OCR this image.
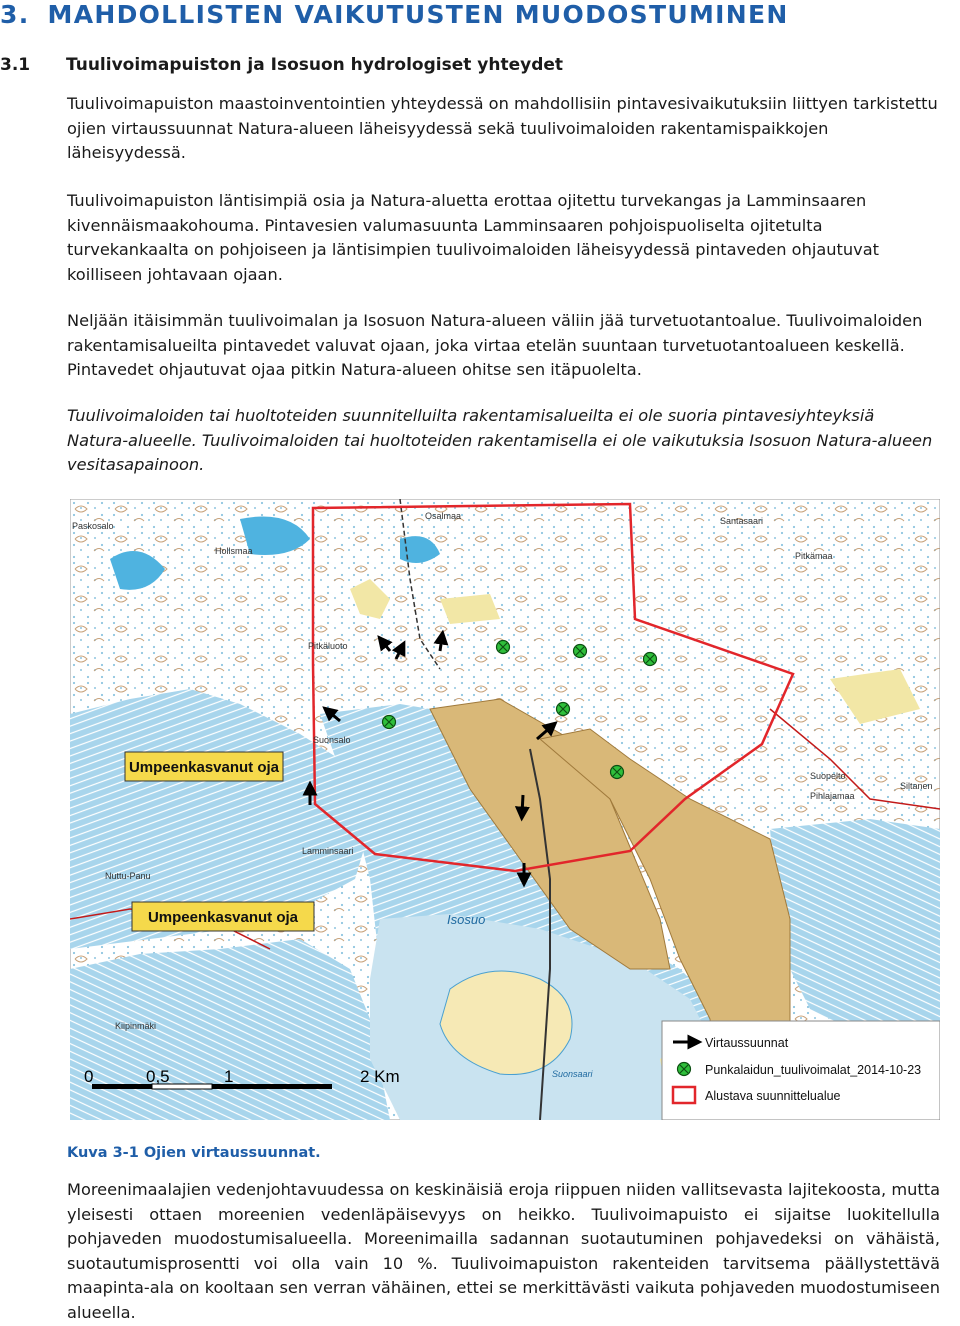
3. MAHDOLLISTEN VAIKUTUSTEN MUODOSTUMINEN
3.1 Tuulivoimapuiston ja Isosuon hydrologiset yhteydet

Tuulivoimapuiston maastoinventointien yhteydessä on mahdollisiin pintavesivaikutuksiin liittyen tarkistettu ojien virtaussuunnat Natura-alueen läheisyydessä sekä tuulivoimaloiden rakentamispaikkojen läheisyydessä.

Tuulivoimapuiston läntisimpiä osia ja Natura-aluetta erottaa ojitettu turvekangas ja Lamminsaaren kivennäismaakohouma. Pintavesien valumasuunta Lamminsaaren pohjoispuoliselta ojitetulta turvekankaalta on pohjoiseen ja läntisimpien tuulivoimaloiden läheisyydessä pintaveden ohjautuvat koilliseen johtavaan ojaan.

Neljään itäisimmän tuulivoimalan ja Isosuon Natura-alueen väliin jää turvetuotantoalue. Tuulivoimaloiden rakentamisalueilta pintavedet valuvat ojaan, joka virtaa etelän suuntaan turvetuotantoalueen keskellä. Pintavedet ohjautuvat ojaa pitkin Natura-alueen ohitse sen itäpuolelta.

Tuulivoimaloiden tai huoltoteiden suunnitelluilta rakentamisalueilta ei ole suoria pintavesiyhteyksiä Natura-alueelle. Tuulivoimaloiden tai huoltoteiden rakentamisella ei ole vaikutuksia Isosuon Natura-alueen vesitasapainoon.

Isosuo
Lamminsaari
Suonsalo
Suopelto
Pihlajamaa
Santasaari
Pitkämaa
Siltanen
Pitkäluoto
Suonsaari
Kiipinmäki
Nuttu-Panu
Paskosalo
Hollsmaa
Osalmaa
Umpeenkasvanut oja
Umpeenkasvanut oja
0	0,5	1	2 Km
Virtaussuunnat
Punkalaidun_tuulivoimalat_2014-10-23
Alustava suunnittelualue

Kuva 3-1 Ojien virtaussuunnat.

Moreenimaalajien vedenjohtavuudessa on keskinäisiä eroja riippuen niiden vallitsevasta lajitekoosta, mutta yleisesti ottaen moreenien vedenläpäisevyys on heikko. Tuulivoimapuisto ei sijaitse luokitellulla pohjaveden muodostumisalueella. Moreenimailla sadannan suotautuminen pohjavedeksi on vähäistä, suotautumisprosentti voi olla vain 10 %. Tuulivoimapuiston rakenteiden tarvitsema päällystettävä maapinta-ala on kooltaan sen verran vähäinen, ettei se merkittävästi vaikuta pohjaveden muodostumiseen alueella.
